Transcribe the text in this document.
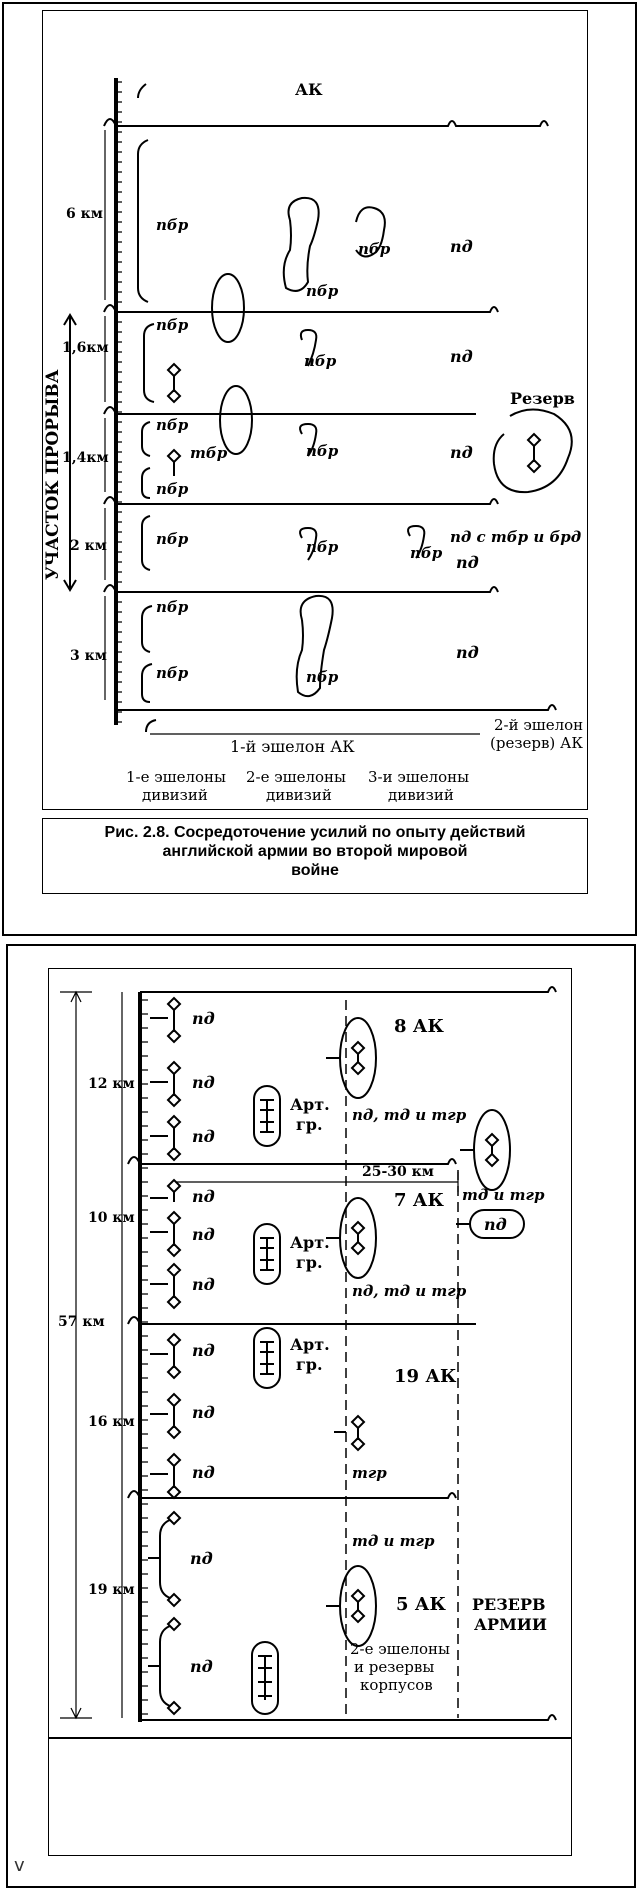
АК
УЧАСТОК ПРОРЫВА
6 км
1,6км
1,4км
2 км
3 км
пбр
пбр
пбр
тбр
пбр
пбр
пбр
пбр
пбр
пбр
пбр
пбр
пбр	пбр
пбр
пд
пд
пд
пд
пд
Резерв
пд с тбр и брд
1-й эшелон АК
2-й эшелон
(резерв) АК
1-е эшелоны
дивизий
2-е эшелоны
дивизий
3-и эшелоны
дивизий
Рис. 2.8. Сосредоточение усилий по опыту действий
английской армии во второй мировой
войне
57 км
12 км
10 км
16 км
19 км
25-30 км
пд
пд
пд
пд
пд
пд
пд
пд
пд
пд
пд
Арт.
гр.
Арт.
гр.
Арт.
гр.
пд
8 АК
7 АК
19 АК
5 АК
пд, тд и тгр
тд и тгр
пд, тд и тгр
тгр
тд и тгр
РЕЗЕРВ
АРМИИ
2-е эшелоны
и резервы
корпусов
v
